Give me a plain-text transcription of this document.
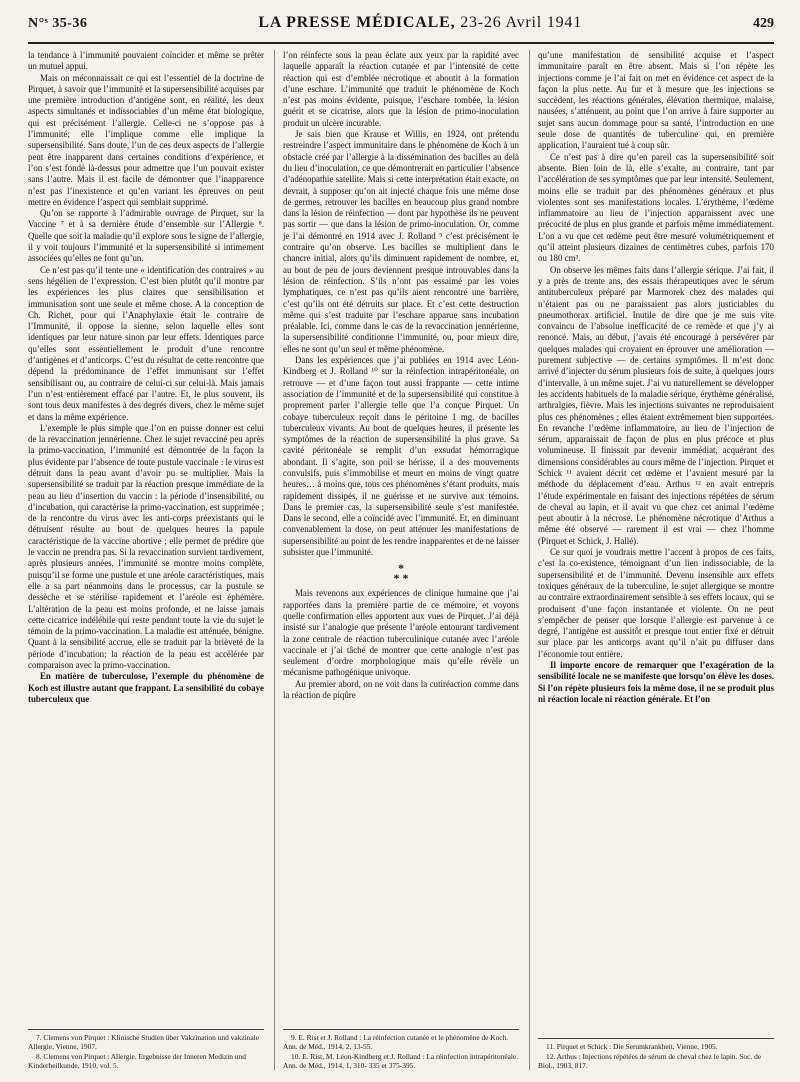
N°ˢ 35-36	LA PRESSE MÉDICALE, 23-26 Avril 1941	429

la tendance à l’immunité pouvaient coïncider et même se prêter un mutuel appui.

Mais on méconnaissait ce qui est l’essentiel de la doctrine de Pirquet, à savoir que l’immunité et la supersensibilité acquises par une première introduction d’antigène sont, en réalité, les deux aspects simultanés et indissociables d’un même état biologique, qui est précisément l’allergie. Celle-ci ne s’oppose pas à l’immunité; elle l’implique comme elle implique la supersensibilité. Sans doute, l’un de ces deux aspects de l’allergie peut être inapparent dans certaines conditions d’expérience, et l’on s’est fondé là-dessus pour admettre que l’un pouvait exister sans l’autre. Mais il est facile de démontrer que l’inapparence n’est pas l’inexistence et qu’en variant les épreuves on peut mettre en évidence l’aspect qui semblait supprimé.

Qu’on se rapporte à l’admirable ouvrage de Pirquet, sur la Vaccine ⁷ et à sa dernière étude d’ensemble sur l’Allergie ⁸. Quelle que soit la maladie qu’il explore sous le signe de l’allergie, il y voit toujours l’immunité et la supersensibilité si intimement associées qu’elles ne font qu’un.

Ce n’est pas qu’il tente une « identification des contraires » au sens hégélien de l’expression. C’est bien plutôt qu’il montre par les expériences les plus claires que sensibilisation et immunisation sont une seule et même chose. A la conception de Ch. Richet, pour qui l’Anaphylaxie était le contraire de l’Immunité, il oppose la sienne, selon laquelle elles sont identiques par leur nature sinon par leur effets. Identiques parce qu’elles sont essentiellement le produit d’une rencontre d’antigènes et d’anticorps. C’est du résultat de cette rencontre que dépend la prédominance de l’effet immunisant sur l’effet sensibilisant ou, au contraire de celui-ci sur celui-là. Mais jamais l’un n’est entièrement effacé par l’autre. Et, le plus souvent, ils sont tous deux manifestes à des degrés divers, chez le même sujet et dans la même expérience.

L’exemple le plus simple que l’on en puisse donner est celui de la revaccination jennérienne. Chez le sujet revacciné peu après la primo-vaccination, l’immunité est démontrée de la façon la plus évidente par l’absence de toute pustule vaccinale : le virus est détruit dans la peau avant d’avoir pu se multiplier. Mais la supersensibilité se traduit par la réaction presque immédiate de la peau au lieu d’insertion du vaccin : la période d’insensibilité, ou d’incubation, qui caractérise la primo-vaccination, est supprimée ; de la rencontre du virus avec les anti-corps préexistants qui le détruisent résulte au bout de quelques heures la papule caractéristique de la vaccine abortive ; elle permet de prédire que le vaccin ne prendra pas. Si la revaccination survient tardivement, après plusieurs années, l’immunité se montre moins complète, puisqu’il se forme une pustule et une aréole caractéristiques, mais elle a sa part néanmoins dans le processus, car la pustule se dessèche et se stérilise rapidement et l’aréole est éphémère. L’altération de la peau est moins profonde, et ne laisse jamais cette cicatrice indélébile qui reste pendant toute la vie du sujet le témoin de la primo-vaccination. La maladie est atténuée, bénigne. Quant à la sensibilité accrue, elle se traduit par la brièveté de la période d’incubation; la réaction de la peau est accélérée par comparaison avec la primo-vaccination.

En matière de tuberculose, l’exemple du phénomène de Koch est illustre autant que frappant. La sensibilité du cobaye tuberculeux que

7. Clemens von Pirquet : Klinische Studien über Vakzination und vakzinale Allergie, Vienne, 1907.
8. Clemens von Pirquet : Allergie. Ergebnisse der Inneren Medizin und Kinderheilkunde, 1910, vol. 5.

l’on réinfecte sous la peau éclate aux yeux par la rapidité avec laquelle apparaît la réaction cutanée et par l’intensité de cette réaction qui est d’emblée nécrotique et aboutit à la formation d’une eschare. L’immunité que traduit le phénomène de Koch n’est pas moins évidente, puisque, l’eschare tombée, la lésion guérit et se cicatrise, alors que la lésion de primo-inoculation produit un ulcère incurable.

Je sais bien que Krause et Willis, en 1924, ont prétendu restreindre l’aspect immunitaire dans le phénomène de Koch à un obstacle créé par l’allergie à la dissémination des bacilles au delà du lieu d’inoculation, ce que démontrerait en particulier l’absence d’adénopathie satellite. Mais si cette interprétation était exacte, on devrait, à supposer qu’on ait injecté chaque fois une même dose de germes, retrouver les bacilles en beaucoup plus grand nombre dans la lésion de réinfection — dont par hypothèse ils ne peuvent pas sortir — que dans la lésion de primo-inoculation. Or, comme je l’ai démontré en 1914 avec J. Rolland ⁹ c’est précisément le contraire qu’on observe. Les bacilles se multiplient dans le chancre initial, alors qu’ils diminuent rapidement de nombre, et, au bout de peu de jours deviennent presque introuvables dans la lésion de réinfection. S’ils n’ont pas essaimé par les voies lymphatiques, ce n’est pas qu’ils aient rencontré une barrière, c’est qu’ils ont été détruits sur place. Et c’est cette destruction même qui s’est traduite par l’eschare apparue sans incubation préalable. Ici, comme dans le cas de la revaccination jennérienne, la supersensibilité conditionne l’immunité, ou, pour mieux dire, elles ne sont qu’un seul et même phénomène.

Dans les expériences que j’ai publiées en 1914 avec Léon-Kindberg et J. Rolland ¹⁰ sur la réinfection intrapéritonéale, on retrouve — et d’une façon tout aussi frappante — cette intime association de l’immunité et de la supersensibilité qui constitue à proprement parler l’allergie telle que l’a conçue Pirquet. Un cobaye tuberculeux reçoit dans le péritoine 1 mg. de bacilles tuberculeux vivants. Au bout de quelques heures, il présente les symptômes de la réaction de supersensibilité la plus grave. Sa cavité péritonéale se remplit d’un exsudat hémorragique abondant. Il s’agite, son poil se hérisse, il a des mouvements convulsifs, puis s’immobilise et meurt en moins de vingt quatre heures… à moins que, tous ces phénomènes s’étant produits, mais rapidement dissipés, il ne guérisse et ne survive aux témoins. Dans le premier cas, la supersensibilité seule s’est manifestée. Dans le second, elle a coïncidé avec l’immunité. Et, en diminuant convenablement la dose, on peut atténuer les manifestations de supersensibilité au point de les rendre inapparentes et de ne laisser subsister que l’immunité.

*
* *

Mais revenons aux expériences de clinique humaine que j’ai rapportées dans la première partie de ce mémoire, et voyons quelle confirmation elles apportent aux vues de Pirquet. J’ai déjà insisté sur l’analogie que présente l’aréole entourant tardivement la zone centrale de réaction tuberculinique cutanée avec l’aréole vaccinale et j’ai tâché de montrer que cette analogie n’est pas seulement d’ordre morphologique mais qu’elle révèle un mécanisme pathogénique univoque.

Au premier abord, on ne voit dans la cutiréaction comme dans la réaction de piqûre

9. E. Rist et J. Rolland : La réinfection cutanée et le phénomène de Koch. Ann. de Méd., 1914, 2, 13-55.
10. E. Rist, M. Léon-Kindberg et J. Rolland : La réinfection intrapéritonéale. Ann. de Méd., 1914, 1, 310- 335 et 375-395.

qu’une manifestation de sensibilité acquise et l’aspect immunitaire paraît en être absent. Mais si l’on répète les injections comme je l’ai fait on met en évidence cet aspect de la façon la plus nette. Au fur et à mesure que les injections se succèdent, les réactions générales, élévation thermique, malaise, nausées, s’atténuent, au point que l’on arrive à faire supporter au sujet sans aucun dommage pour sa santé, l’introduction en une seule dose de quantités de tuberculine qui, en première application, l’auraient tué à coup sûr.

Ce n’est pas à dire qu’en pareil cas la supersensibilité soit absente. Bien loin de là, elle s’exalte, au contraire, tant par l’accélération de ses symptômes que par leur intensité. Seulement, moins elle se traduit par des phénomènes généraux et plus violentes sont ses manifestations locales. L’érythème, l’œdème inflammatoire au lieu de l’injection apparaissent avec une précocité de plus en plus grande et parfois même immédiatement. L’on a vu que cet œdème peut être mesuré volumétriquement et qu’il atteint plusieurs dizaines de centimètres cubes, parfois 170 ou 180 cm³.

On observe les mêmes faits dans l’allergie sérique. J’ai fait, il y a près de trente ans, des essais thérapeutiques avec le sérum antituberculeux préparé par Marmorek chez des malades qui n’étaient pas ou ne paraissaient pas alors justiciables du pneumothorax artificiel. Inutile de dire que je me suis vite convaincu de l’absolue inefficacité de ce remède et que j’y ai renoncé. Mais, au début, j’avais été encouragé à persévérer par quelques malades qui croyaient en éprouver une amélioration — purement subjective — de certains symptômes. Il m’est donc arrivé d’injecter du sérum plusieurs fois de suite, à quelques jours d’intervalle, à un même sujet. J’ai vu naturellement se développer les accidents habituels de la maladie sérique, érythème généralisé, arthralgies, fièvre. Mais les injections suivantes ne reproduisaient plus ces phénomènes ; elles étaient extrêmement bien supportées. En revanche l’œdème inflammatoire, au lieu de l’injection de sérum, apparaissait de façon de plus en plus précoce et plus volumineuse. Il finissait par devenir immédiat, acquérant des dimensions considérables au cours même de l’injection. Pirquet et Schick ¹¹ avaient décrit cet œdème et l’avaient mesuré par la méthode du déplacement d’eau. Arthus ¹² en avait entrepris l’étude expérimentale en faisant des injections répétées de sérum de cheval au lapin, et il avait vu que chez cet animal l’œdème peut aboutir à la nécrose. Le phénomène nécrotique d’Arthus a même été observé — rarement il est vrai — chez l’homme (Pirquet et Schick, J. Hallé).

Ce sur quoi je voudrais mettre l’accent à propos de ces faits, c’est la co-existence, témoignant d’un lien indissociable, de la supersensibilité et de l’immunité. Devenu insensible aux effets toxiques généraux de la tuberculine, le sujet allergique se montre au contraire extraordinairement sensible à ses effets locaux, qui se produisent d’une façon instantanée et violente. On ne peut s’empêcher de penser que lorsque l’allergie est parvenue à ce degré, l’antigène est aussitôt et presque tout entier fixé et détruit sur place par les anticorps avant qu’il n’ait pu diffuser dans l’économie tout entière.

Il importe encore de remarquer que l’exagération de la sensibilité locale ne se manifeste que lorsqu’on élève les doses. Si l’on répète plusieurs fois la même dose, il ne se produit plus ni réaction locale ni réaction générale. Et l’on

11. Pirquet et Schick : Die Serumkrankheit, Vienne, 1905.
12. Arthus : Injections répétées de sérum de cheval chez le lapin. Soc. de Biol., 1903, 817.
